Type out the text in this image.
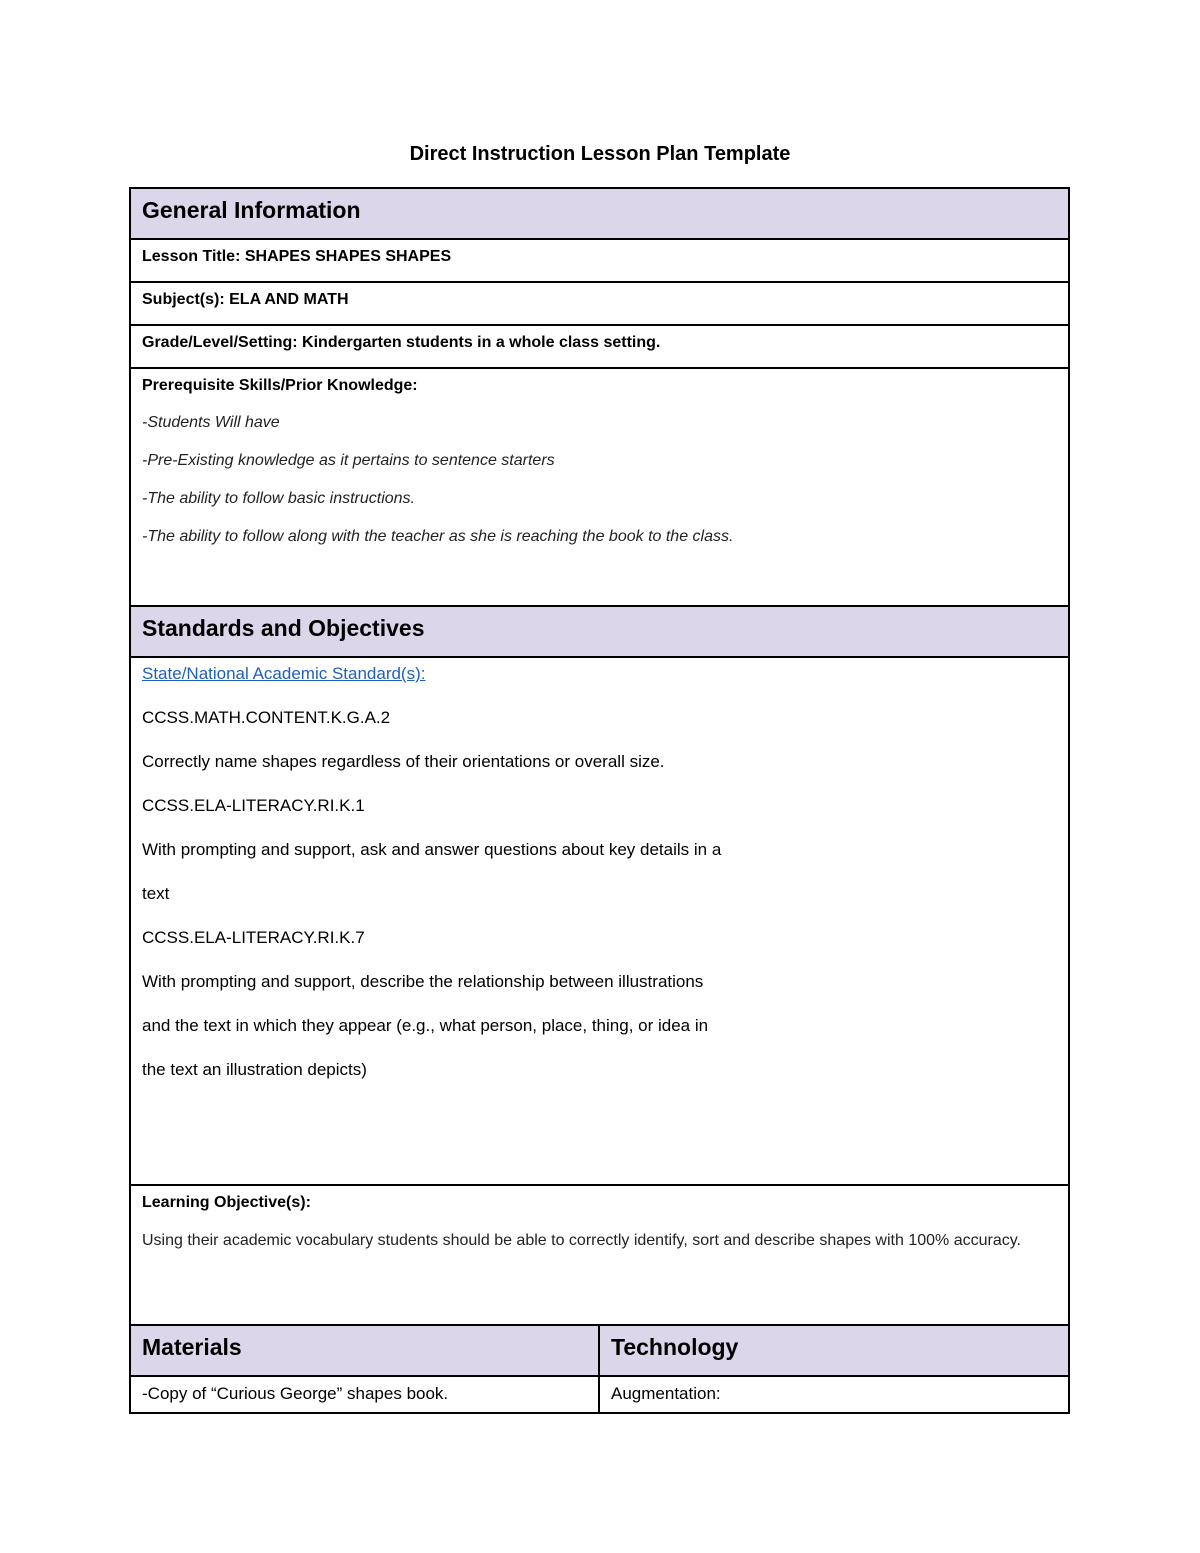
Direct Instruction Lesson Plan Template
General Information
Lesson Title: SHAPES SHAPES SHAPES
Subject(s): ELA AND MATH
Grade/Level/Setting: Kindergarten students in a whole class setting.
Prerequisite Skills/Prior Knowledge:
-Students Will have
-Pre-Existing knowledge as it pertains to sentence starters
-The ability to follow basic instructions.
-The ability to follow along with the teacher as she is reaching the book to the class.
Standards and Objectives
State/National Academic Standard(s):
CCSS.MATH.CONTENT.K.G.A.2
Correctly name shapes regardless of their orientations or overall size.
CCSS.ELA-LITERACY.RI.K.1
With prompting and support, ask and answer questions about key details in a
text
CCSS.ELA-LITERACY.RI.K.7
With prompting and support, describe the relationship between illustrations
and the text in which they appear (e.g., what person, place, thing, or idea in
the text an illustration depicts)
Learning Objective(s):
Using their academic vocabulary students should be able to correctly identify, sort and describe shapes with 100% accuracy.
Materials	Technology
-Copy of “Curious George” shapes book.	Augmentation:
